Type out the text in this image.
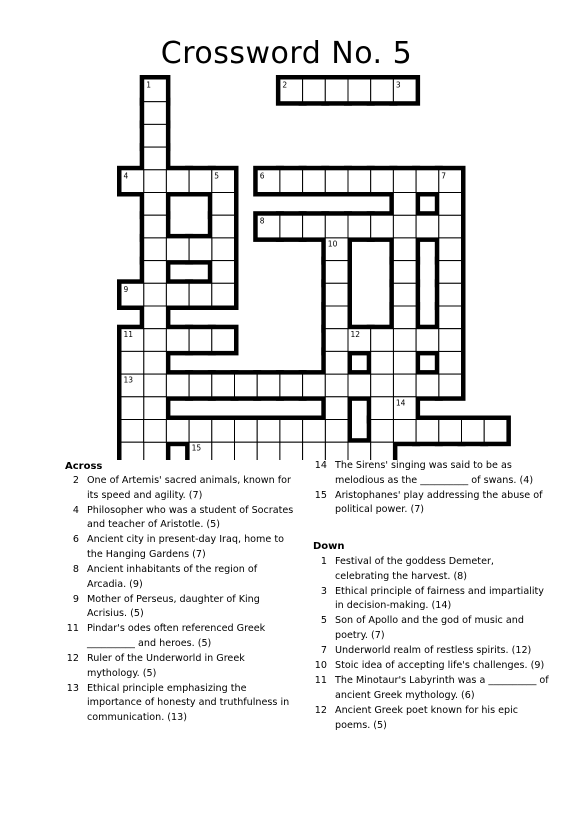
Crossword No. 5
1	2	3
4	5	6	7
8
9
10
11	12
13
14
15
Across
2 One of Artemis' sacred animals, known for its speed and agility. (7)
4 Philosopher who was a student of Socrates and teacher of Aristotle. (5)
6 Ancient city in present-day Iraq, home to the Hanging Gardens (7)
8 Ancient inhabitants of the region of Arcadia. (9)
9 Mother of Perseus, daughter of King Acrisius. (5)
11 Pindar's odes often referenced Greek __________ and heroes. (5)
12 Ruler of the Underworld in Greek mythology. (5)
13 Ethical principle emphasizing the importance of honesty and truthfulness in communication. (13)
14 The Sirens' singing was said to be as melodious as the __________ of swans. (4)
15 Aristophanes' play addressing the abuse of political power. (7)
Down
1 Festival of the goddess Demeter, celebrating the harvest. (8)
3 Ethical principle of fairness and impartiality in decision-making. (14)
5 Son of Apollo and the god of music and poetry. (7)
7 Underworld realm of restless spirits. (12)
10 Stoic idea of accepting life's challenges. (9)
11 The Minotaur's Labyrinth was a __________ of ancient Greek mythology. (6)
12 Ancient Greek poet known for his epic poems. (5)
